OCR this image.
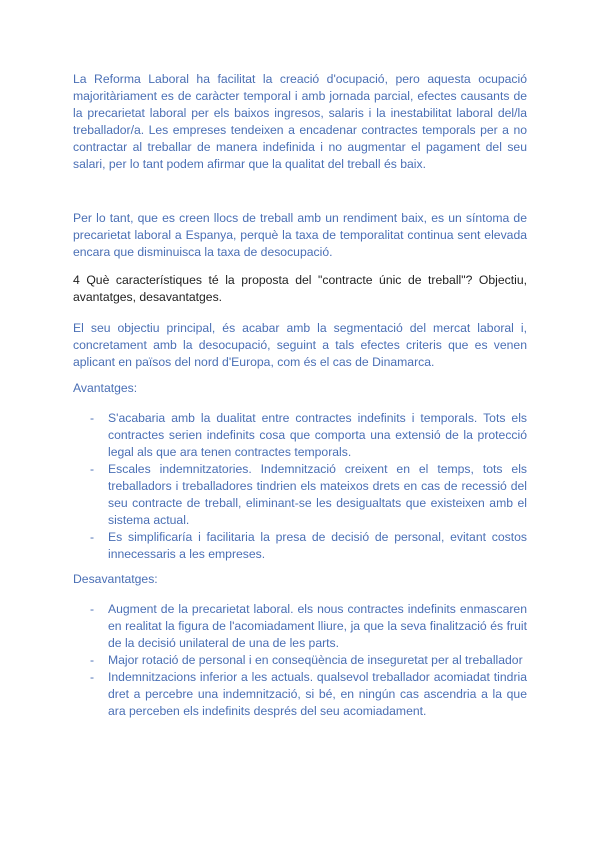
La Reforma Laboral ha facilitat la creació d'ocupació, pero aquesta ocupació majoritàriament es de caràcter temporal i amb jornada parcial, efectes causants de la precarietat laboral per els baixos ingresos, salaris i la inestabilitat laboral del/la treballador/a. Les empreses tendeixen a encadenar contractes temporals per a no contractar al treballar de manera indefinida i no augmentar el pagament del seu salari, per lo tant podem afirmar que la qualitat del treball és baix.

Per lo tant, que es creen llocs de treball amb un rendiment baix, es un síntoma de precarietat laboral a Espanya, perquè la taxa de temporalitat continua sent elevada encara que disminuisca la taxa de desocupació.

4 Què característiques té la proposta del "contracte únic de treball"? Objectiu, avantatges, desavantatges.

El seu objectiu principal, és acabar amb la segmentació del mercat laboral i, concretament amb la desocupació, seguint a tals efectes criteris que es venen aplicant en països del nord d'Europa, com és el cas de Dinamarca.

Avantatges:

- S'acabaria amb la dualitat entre contractes indefinits i temporals. Tots els contractes serien indefinits cosa que comporta una extensió de la protecció legal als que ara tenen contractes temporals.
- Escales indemnitzatories. Indemnització creixent en el temps, tots els treballadors i treballadores tindrien els mateixos drets en cas de recessió del seu contracte de treball, eliminant-se les desigualtats que existeixen amb el sistema actual.
- Es simplificaría i facilitaria la presa de decisió de personal, evitant costos innecessaris a les empreses.

Desavantatges:

- Augment de la precarietat laboral. els nous contractes indefinits enmascaren en realitat la figura de l'acomiadament lliure, ja que la seva finalització és fruit de la decisió unilateral de una de les parts.
- Major rotació de personal i en conseqüència de inseguretat per al treballador
- Indemnitzacions inferior a les actuals. qualsevol treballador acomiadat tindria dret a percebre una indemnització, si bé, en ningún cas ascendria a la que ara perceben els indefinits després del seu acomiadament.
